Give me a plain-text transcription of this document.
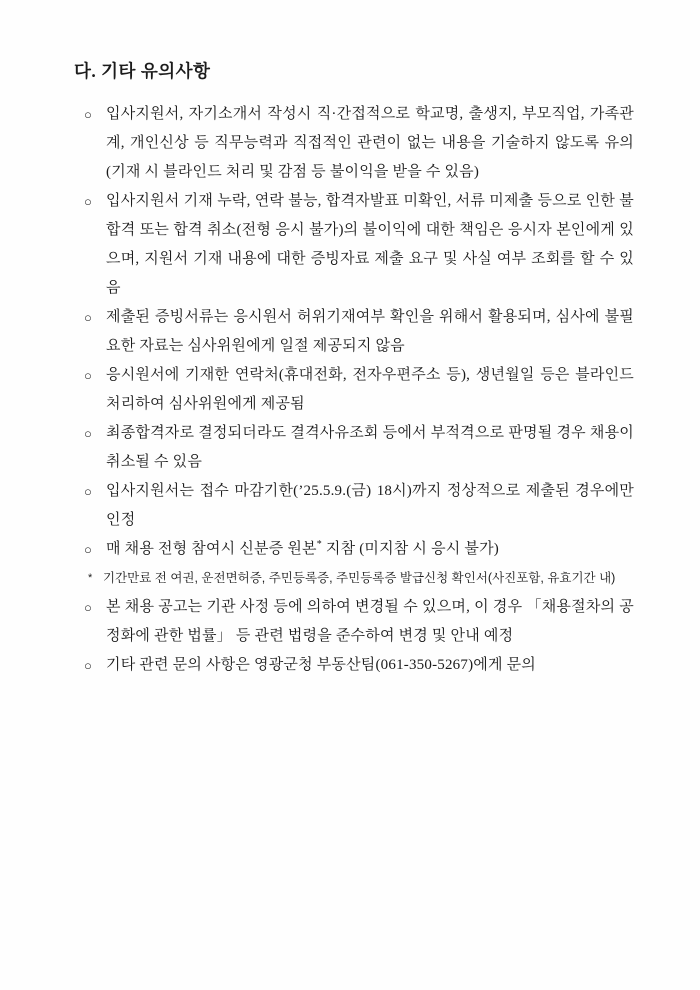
다. 기타 유의사항
○ 입사지원서, 자기소개서 작성시 직·간접적으로 학교명, 출생지, 부모직업, 가족관계, 개인신상 등 직무능력과 직접적인 관련이 없는 내용을 기술하지 않도록 유의(기재 시 블라인드 처리 및 감점 등 불이익을 받을 수 있음)

○ 입사지원서 기재 누락, 연락 불능, 합격자발표 미확인, 서류 미제출 등으로 인한 불합격 또는 합격 취소(전형 응시 불가)의 불이익에 대한 책임은 응시자 본인에게 있으며, 지원서 기재 내용에 대한 증빙자료 제출 요구 및 사실 여부 조회를 할 수 있음

○ 제출된 증빙서류는 응시원서 허위기재여부 확인을 위해서 활용되며, 심사에 불필요한 자료는 심사위원에게 일절 제공되지 않음

○ 응시원서에 기재한 연락처(휴대전화, 전자우편주소 등), 생년월일 등은 블라인드 처리하여 심사위원에게 제공됨

○ 최종합격자로 결정되더라도 결격사유조회 등에서 부적격으로 판명될 경우 채용이 취소될 수 있음

○ 입사지원서는 접수 마감기한(’25.5.9.(금) 18시)까지 정상적으로 제출된 경우에만 인정

○ 매 채용 전형 참여시 신분증 원본* 지참 (미지참 시 응시 불가)

* 기간만료 전 여권, 운전면허증, 주민등록증, 주민등록증 발급신청 확인서(사진포함, 유효기간 내)

○ 본 채용 공고는 기관 사정 등에 의하여 변경될 수 있으며, 이 경우 「채용절차의 공정화에 관한 법률」 등 관련 법령을 준수하여 변경 및 안내 예정

○ 기타 관련 문의 사항은 영광군청 부동산팀(061-350-5267)에게 문의
